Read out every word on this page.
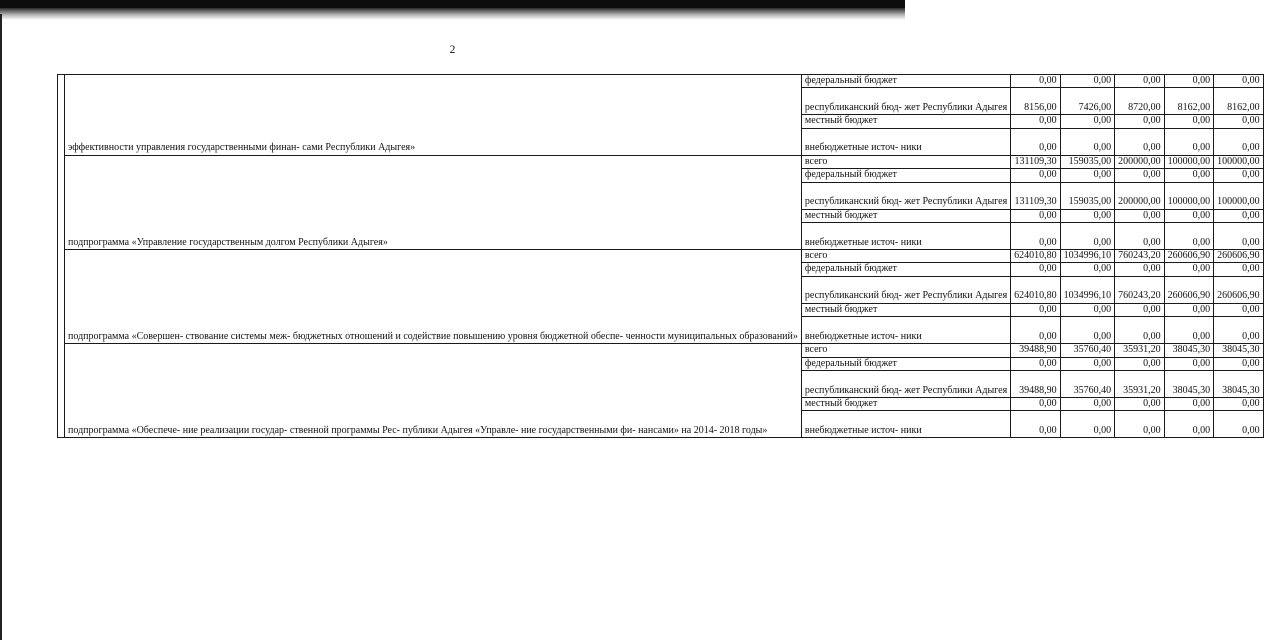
2
	эффективности управления государственными финан- сами Республики Адыгея»	федеральный бюджет	0,00	0,00	0,00	0,00	0,00
		республиканский бюд- жет Республики Адыгея	8156,00	7426,00	8720,00	8162,00	8162,00
		местный бюджет	0,00	0,00	0,00	0,00	0,00
		внебюджетные источ- ники	0,00	0,00	0,00	0,00	0,00
	подпрограмма «Управление государственным долгом Республики Адыгея»	всего	131109,30	159035,00	200000,00	100000,00	100000,00
		федеральный бюджет	0,00	0,00	0,00	0,00	0,00
		республиканский бюд- жет Республики Адыгея	131109,30	159035,00	200000,00	100000,00	100000,00
		местный бюджет	0,00	0,00	0,00	0,00	0,00
		внебюджетные источ- ники	0,00	0,00	0,00	0,00	0,00
	подпрограмма «Совершен- ствование системы меж- бюджетных отношений и содействие повышению уровня бюджетной обеспе- ченности муниципальных образований»	всего	624010,80	1034996,10	760243,20	260606,90	260606,90
		федеральный бюджет	0,00	0,00	0,00	0,00	0,00
		республиканский бюд- жет Республики Адыгея	624010,80	1034996,10	760243,20	260606,90	260606,90
		местный бюджет	0,00	0,00	0,00	0,00	0,00
		внебюджетные источ- ники	0,00	0,00	0,00	0,00	0,00
	подпрограмма «Обеспече- ние реализации государ- ственной программы Рес- публики Адыгея «Управле- ние государственными фи- нансами» на 2014- 2018 годы»	всего	39488,90	35760,40	35931,20	38045,30	38045,30
		федеральный бюджет	0,00	0,00	0,00	0,00	0,00
		республиканский бюд- жет Республики Адыгея	39488,90	35760,40	35931,20	38045,30	38045,30
		местный бюджет	0,00	0,00	0,00	0,00	0,00
		внебюджетные источ- ники	0,00	0,00	0,00	0,00	0,00
